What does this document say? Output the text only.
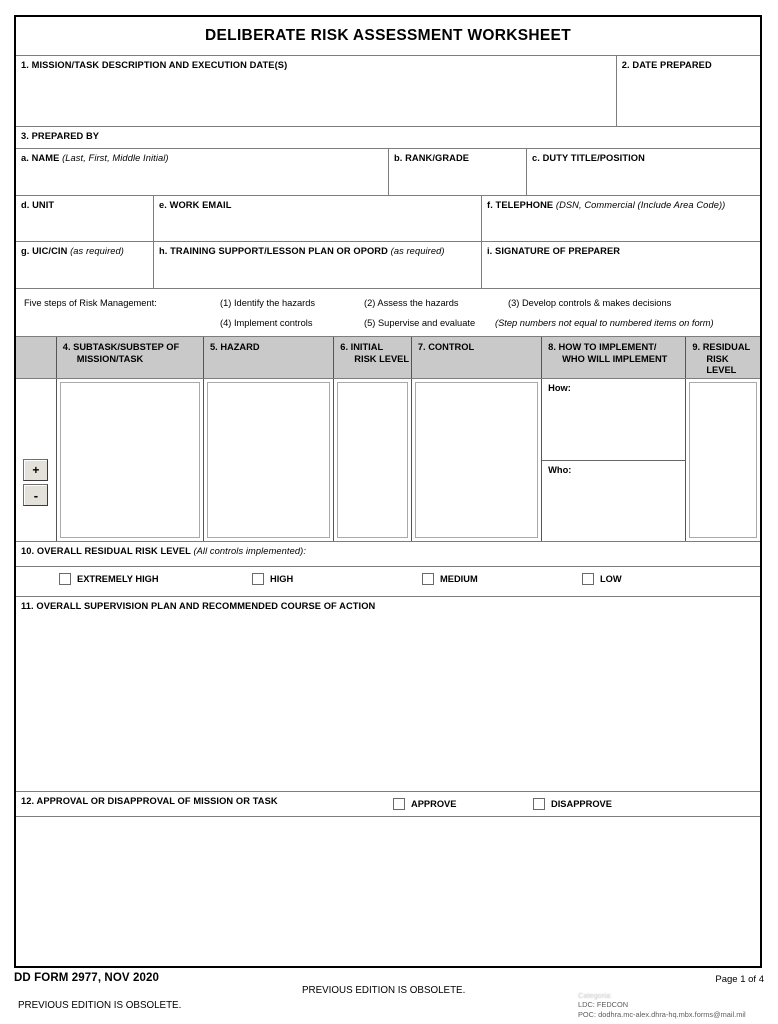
DELIBERATE RISK ASSESSMENT WORKSHEET
1. MISSION/TASK DESCRIPTION AND EXECUTION DATE(S)	2. DATE PREPARED
3. PREPARED BY
a. NAME (Last, First, Middle Initial)	b. RANK/GRADE	c. DUTY TITLE/POSITION
d. UNIT	e. WORK EMAIL	f. TELEPHONE (DSN, Commercial (Include Area Code))
g. UIC/CIN (as required)	h. TRAINING SUPPORT/LESSON PLAN OR OPORD (as required)	i. SIGNATURE OF PREPARER
Five steps of Risk Management:	(1) Identify the hazards	(2) Assess the hazards	(3) Develop controls & makes decisions
(4) Implement controls	(5) Supervise and evaluate (Step numbers not equal to numbered items on form)
4. SUBTASK/SUBSTEP OF
MISSION/TASK
5. HAZARD	6. INITIAL
RISK LEVEL
7. CONTROL	8. HOW TO IMPLEMENT/
WHO WILL IMPLEMENT
9. RESIDUAL
RISK LEVEL
+
-
How:
Who:
10. OVERALL RESIDUAL RISK LEVEL (All controls implemented):
EXTREMELY HIGH	HIGH	MEDIUM	LOW
11. OVERALL SUPERVISION PLAN AND RECOMMENDED COURSE OF ACTION
12. APPROVAL OR DISAPPROVAL OF MISSION OR TASK	APPROVE	DISAPPROVE
DD FORM 2977, NOV 2020
PREVIOUS EDITION IS OBSOLETE.
Page 1 of 4
PREVIOUS EDITION IS OBSOLETE.
Categoria:
LDC: FEDCON
POC: dodhra.mc-alex.dhra-hq.mbx.forms@mail.mil
